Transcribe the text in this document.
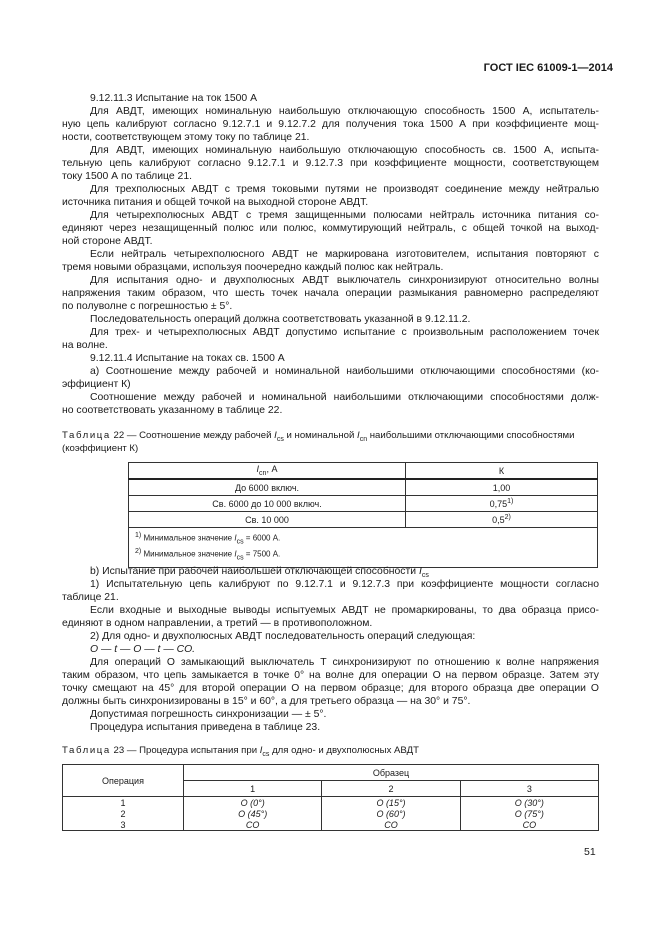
ГОСТ IEC 61009-1—2014
9.12.11.3 Испытание на ток 1500 А
Для АВДТ, имеющих номинальную наибольшую отключающую способность 1500 А, испытатель-
ную цепь калибруют согласно 9.12.7.1 и 9.12.7.2 для получения тока 1500 А при коэффициенте мощ-
ности, соответствующем этому току по таблице 21.
Для АВДТ, имеющих номинальную наибольшую отключающую способность св. 1500 А, испыта-
тельную цепь калибруют согласно 9.12.7.1 и 9.12.7.3 при коэффициенте мощности, соответствующем
току 1500 А по таблице 21.
Для трехполюсных АВДТ с тремя токовыми путями не производят соединение между нейтралью
источника питания и общей точкой на выходной стороне АВДТ.
Для четырехполюсных АВДТ с тремя защищенными полюсами нейтраль источника питания со-
единяют через незащищенный полюс или полюс, коммутирующий нейтраль, с общей точкой на выход-
ной стороне АВДТ.
Если нейтраль четырехполюсного АВДТ не маркирована изготовителем, испытания повторяют с
тремя новыми образцами, используя поочередно каждый полюс как нейтраль.
Для испытания одно- и двухполюсных АВДТ выключатель синхронизируют относительно волны
напряжения таким образом, что шесть точек начала операции размыкания равномерно распределяют
по полуволне с погрешностью ± 5°.
Последовательность операций должна соответствовать указанной в 9.12.11.2.
Для трех- и четырехполюсных АВДТ допустимо испытание с произвольным расположением точек
на волне.
9.12.11.4 Испытание на токах св. 1500 А
a) Соотношение между рабочей и номинальной наибольшими отключающими способностями (ко-
эффициент К)
Соотношение между рабочей и номинальной наибольшими отключающими способностями долж-
но соответствовать указанному в таблице 22.
Таблица 22 — Соотношение между рабочей $I_{cs}$ и номинальной $I_{cn}$ наибольшими отключающими способностями
(коэффициент К)
$I_{cn}$, А	К
До 6000 включ.	1,00
Св. 6000 до 10 000 включ.	0,75$^{1)}$
Св. 10 000	0,5$^{2)}$

$^{1)}$ Минимальное значение $I_{cs} = 6000$ А.
$^{2)}$ Минимальное значение $I_{cs} = 7500$ А.	
b) Испытание при рабочей наибольшей отключающей способности $I_{cs}$
1) Испытательную цепь калибруют по 9.12.7.1 и 9.12.7.3 при коэффициенте мощности согласно
таблице 21.
Если входные и выходные выводы испытуемых АВДТ не промаркированы, то два образца присо-
единяют в одном направлении, а третий — в противоположном.
2) Для одно- и двухполюсных АВДТ последовательность операций следующая:
O — t — O — t — CO.
Для операций О замыкающий выключатель Т синхронизируют по отношению к волне напряжения
таким образом, что цепь замыкается в точке 0° на волне для операции О на первом образце. Затем эту
точку смещают на 45° для второй операции О на первом образце; для второго образца две операции О
должны быть синхронизированы в 15° и 60°, а для третьего образца — на 30° и 75°.
Допустимая погрешность синхронизации — ± 5°.
Процедура испытания приведена в таблице 23.
Таблица 23 — Процедура испытания при $I_{cs}$ для одно- и двухполюсных АВДТ
Операция	Образец		
	1	2	3
1	O (0°)	O (15°)	O (30°)
2	O (45°)	O (60°)	O (75°)
3	CO	CO	CO
51
